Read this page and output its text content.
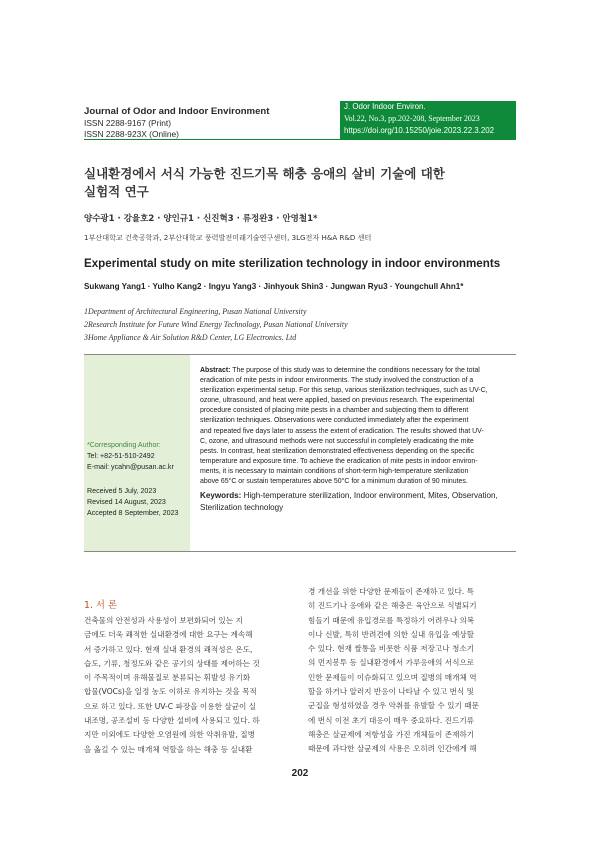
Journal of Odor and Indoor Environment
ISSN 2288-9167 (Print)
ISSN 2288-923X (Online)
J. Odor Indoor Environ.
Vol.22, No.3, pp.202-208, September 2023
https://doi.org/10.15250/joie.2023.22.3.202
실내환경에서 서식 가능한 진드기목 해충 응애의 살비 기술에 대한
실험적 연구
양수광1 · 강율호2 · 양인규1 · 신진혁3 · 류정완3 · 안영철1*
1부산대학교 건축공학과, 2부산대학교 풍력발전미래기술연구센터, 3LG전자 H&A R&D 센터
Experimental study on mite sterilization technology in indoor environments
Sukwang Yang1 · Yulho Kang2 · Ingyu Yang3 · Jinhyouk Shin3 · Jungwan Ryu3 · Youngchull Ahn1*
1Department of Architectural Engineering, Pusan National University
2Research Institute for Future Wind Energy Technology, Pusan National University
3Home Appliance & Air Solution R&D Center, LG Electronics. Ltd
*Corresponding Author:
Tel: +82-51-510-2492
E-mail: ycahn@pusan.ac.kr
Received 5 July, 2023
Revised 14 August, 2023
Accepted 8 September, 2023
Abstract: The purpose of this study was to determine the conditions necessary for the total
eradication of mite pests in indoor environments. The study involved the construction of a
sterilization experimental setup. For this setup, various sterilization techniques, such as UV-C,
ozone, ultrasound, and heat were applied, based on previous research. The experimental
procedure consisted of placing mite pests in a chamber and subjecting them to different
sterilization techniques. Observations were conducted immediately after the experiment
and repeated five days later to assess the extent of eradication. The results showed that UV-
C, ozone, and ultrasound methods were not successful in completely eradicating the mite
pests. In contrast, heat sterilization demonstrated effectiveness depending on the specific
temperature and exposure time. To achieve the eradication of mite pests in indoor environ-
ments, it is necessary to maintain conditions of short-term high-temperature sterilization
above 65°C or sustain temperatures above 50°C for a minimum duration of 90 minutes.
Keywords: High-temperature sterilization, Indoor environment, Mites, Observation,
Sterilization technology
1. 서 론
건축물의 안전성과 사용성이 보편화되어 있는 지
금에도 더욱 쾌적한 실내환경에 대한 요구는 계속해
서 증가하고 있다. 현재 실내 환경의 쾌적성은 온도,
습도, 기류, 청정도와 같은 공기의 상태를 제어하는 것
이 주목적이며 유해물질로 분류되는 휘발성 유기화
합물(VOCs)을 일정 농도 이하로 유지하는 것을 목적
으로 하고 있다. 또한 UV-C 파장을 이용한 살균이 실
내조명, 공조설비 등 다양한 설비에 사용되고 있다. 하
지만 이외에도 다양한 오염원에 의한 악취유발, 질병
을 옮길 수 있는 매개체 역할을 하는 해충 등 실내환
경 개선을 위한 다양한 문제들이 존재하고 있다. 특
히 진드기나 응애와 같은 해충은 육안으로 식별되기
힘들기 때문에 유입경로를 특정하기 어려우나 의복
이나 신발, 특히 반려견에 의한 실내 유입을 예상할
수 있다. 현재 쌀통을 비롯한 식품 저장고나 청소기
의 먼지봉투 등 실내환경에서 가루응애의 서식으로
인한 문제들이 이슈화되고 있으며 질병의 매개체 역
할을 하거나 알러지 반응이 나타날 수 있고 번식 및
군집을 형성하였을 경우 악취를 유발할 수 있기 때문
에 번식 이전 초기 대응이 매우 중요하다. 진드기류
해충은 살균제에 저항성을 가진 개체들이 존재하기
때문에 과다한 살균제의 사용은 오히려 인간에게 해
202
